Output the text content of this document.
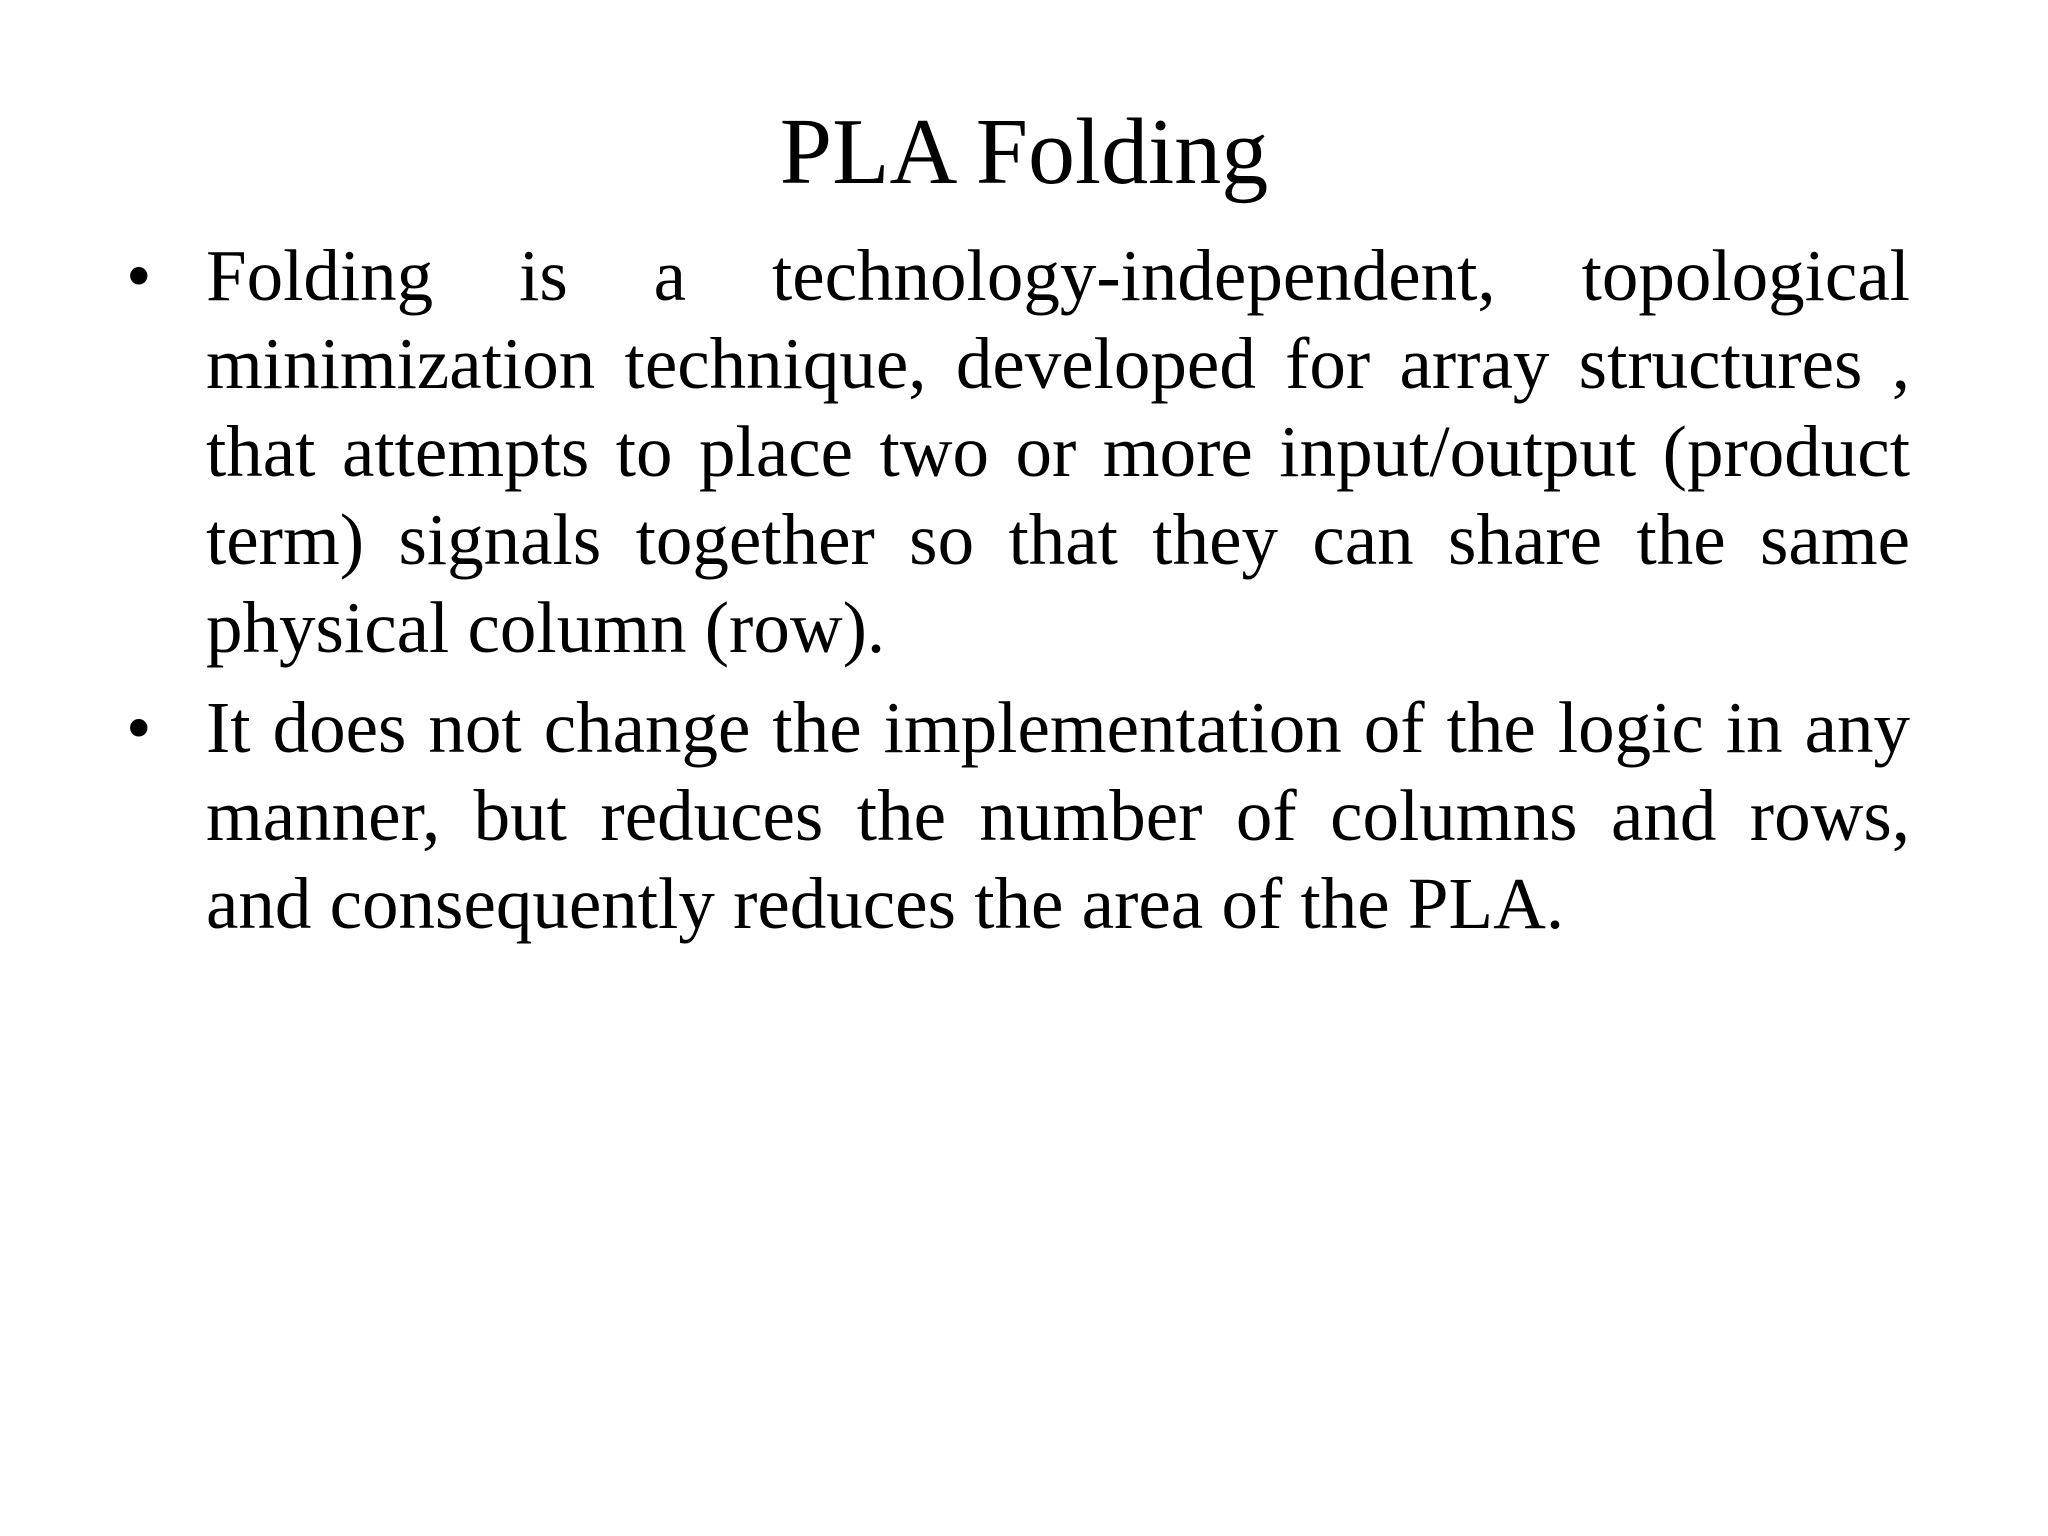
PLA Folding
• Folding is a technology-independent, topological minimization technique, developed for array structures , that attempts to place two or more input/output (product term) signals together so that they can share the same physical column (row).
• It does not change the implementation of the logic in any manner, but reduces the number of columns and rows, and consequently reduces the area of the PLA.
